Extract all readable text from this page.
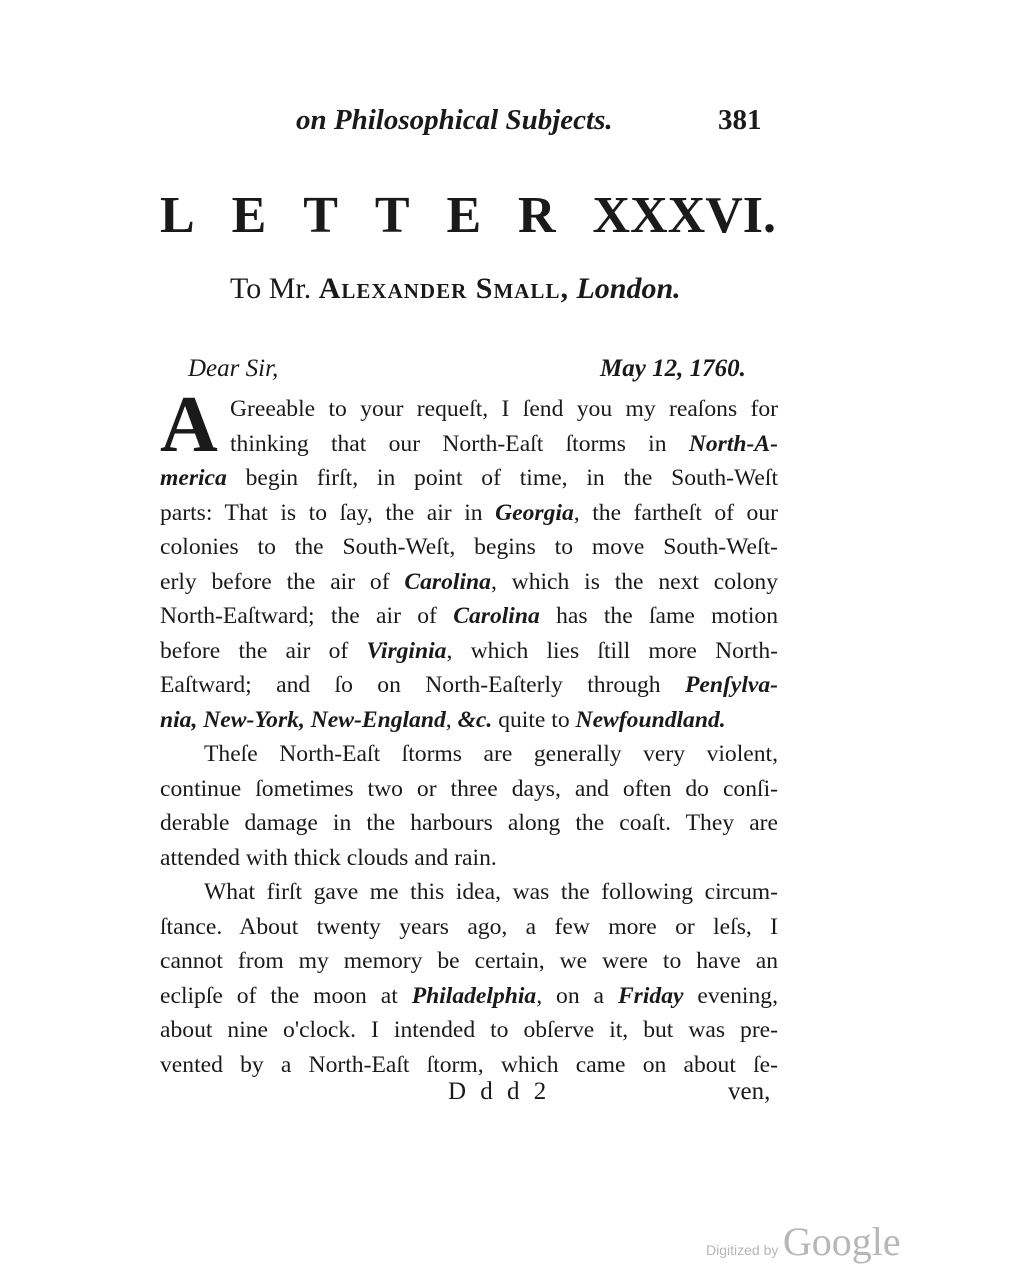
on Philosophical Subjects.	381
L E T T E R XXXVI.
To Mr. Alexander Small, London.
Dear Sir,	May 12, 1760.
A Greeable to your requeſt, I ſend you my reaſons for
thinking that our North-Eaſt ſtorms in North-A-
merica begin firſt, in point of time, in the South-Weſt
parts: That is to ſay, the air in Georgia, the fartheſt of our
colonies to the South-Weſt, begins to move South-Weſt-
erly before the air of Carolina, which is the next colony
North-Eaſtward; the air of Carolina has the ſame motion
before the air of Virginia, which lies ſtill more North-
Eaſtward; and ſo on North-Eaſterly through Penſylva-
nia, New-York, New-England, &c. quite to Newfoundland.
Theſe North-Eaſt ſtorms are generally very violent,
continue ſometimes two or three days, and often do conſi-
derable damage in the harbours along the coaſt. They are
attended with thick clouds and rain.
What firſt gave me this idea, was the following circum-
ſtance. About twenty years ago, a few more or leſs, I
cannot from my memory be certain, we were to have an
eclipſe of the moon at Philadelphia, on a Friday evening,
about nine o'clock. I intended to obſerve it, but was pre-
vented by a North-Eaſt ſtorm, which came on about ſe-
D d d 2	ven,
Digitized by Google
